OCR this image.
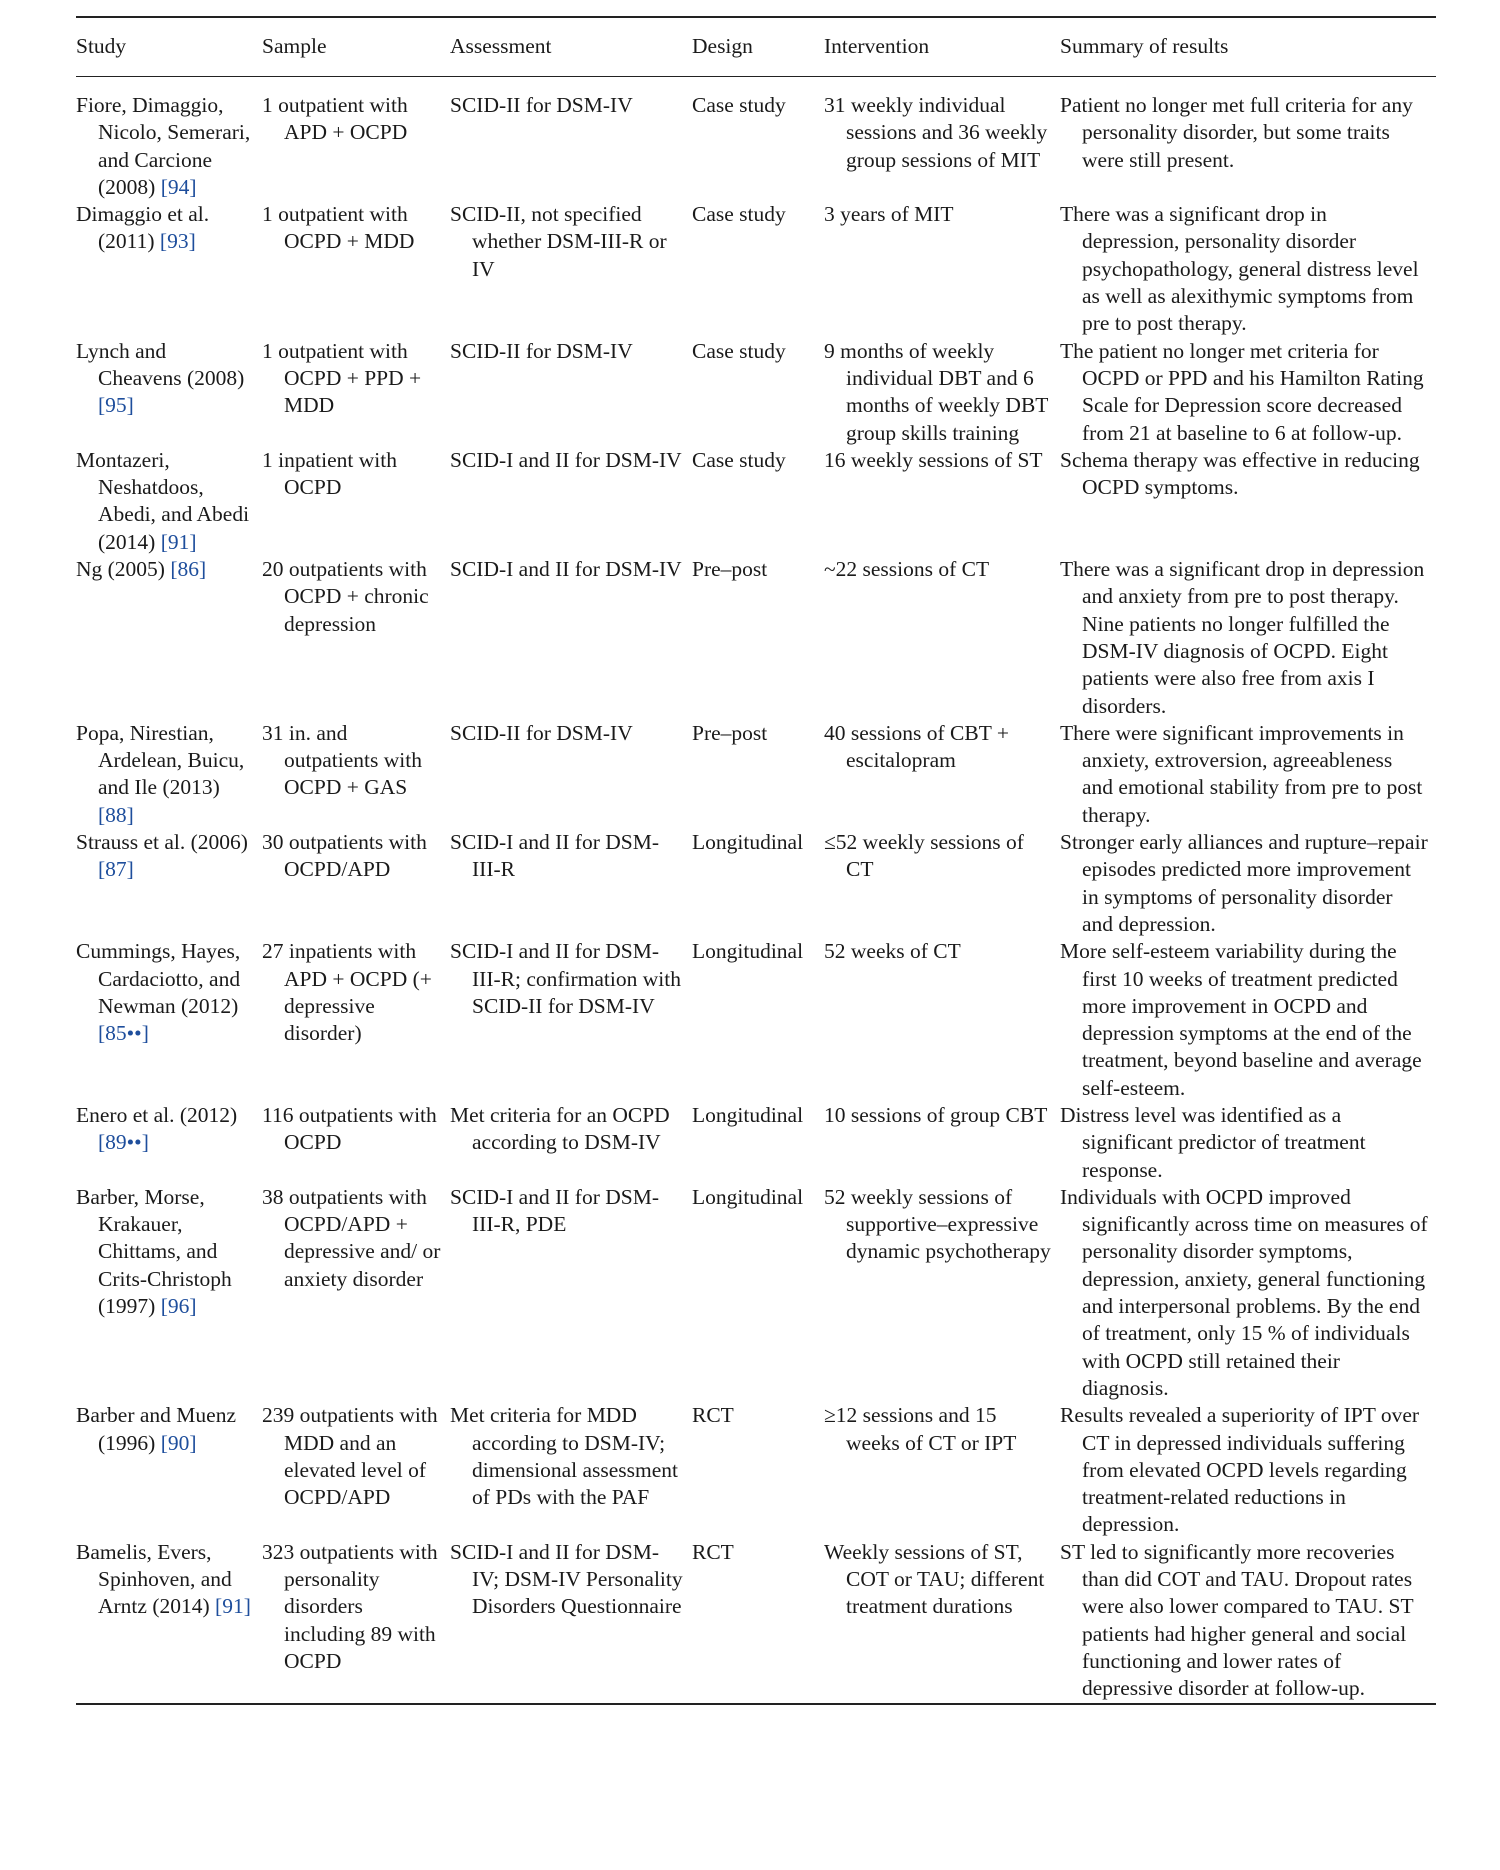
Study	Sample	Assessment	Design	Intervention	Summary of results

Fiore, Dimaggio, Nicolo, Semerari, and Carcione (2008) [94]	1 outpatient with APD + OCPD	SCID-II for DSM-IV	Case study	31 weekly individual sessions and 36 weekly group sessions of MIT	Patient no longer met full criteria for any personality disorder, but some traits were still present.

Dimaggio et al. (2011) [93]	1 outpatient with OCPD + MDD	SCID-II, not specified whether DSM-III-R or IV	Case study	3 years of MIT	There was a significant drop in depression, personality disorder psychopathology, general distress level as well as alexithymic symptoms from pre to post therapy.

Lynch and Cheavens (2008) [95]	1 outpatient with OCPD + PPD + MDD	SCID-II for DSM-IV	Case study	9 months of weekly individual DBT and 6 months of weekly DBT group skills training	The patient no longer met criteria for OCPD or PPD and his Hamilton Rating Scale for Depression score decreased from 21 at baseline to 6 at follow-up.

Montazeri, Neshatdoos, Abedi, and Abedi (2014) [91]	1 inpatient with OCPD	SCID-I and II for DSM-IV	Case study	16 weekly sessions of ST	Schema therapy was effective in reducing OCPD symptoms.

Ng (2005) [86]	20 outpatients with OCPD + chronic depression	SCID-I and II for DSM-IV	Pre–post	~22 sessions of CT	There was a significant drop in depression and anxiety from pre to post therapy. Nine patients no longer fulfilled the DSM-IV diagnosis of OCPD. Eight patients were also free from axis I disorders.

Popa, Nirestian, Ardelean, Buicu, and Ile (2013) [88]	31 in. and outpatients with OCPD + GAS	SCID-II for DSM-IV	Pre–post	40 sessions of CBT + escitalopram	There were significant improvements in anxiety, extroversion, agreeableness and emotional stability from pre to post therapy.

Strauss et al. (2006) [87]	30 outpatients with OCPD/APD	SCID-I and II for DSM-III-R	Longitudinal	≤52 weekly sessions of CT	Stronger early alliances and rupture–repair episodes predicted more improvement in symptoms of personality disorder and depression.

Cummings, Hayes, Cardaciotto, and Newman (2012) [85••]	27 inpatients with APD + OCPD (+ depressive disorder)	SCID-I and II for DSM-III-R; confirmation with SCID-II for DSM-IV	Longitudinal	52 weeks of CT	More self-esteem variability during the first 10 weeks of treatment predicted more improvement in OCPD and depression symptoms at the end of the treatment, beyond baseline and average self-esteem.

Enero et al. (2012) [89••]	116 outpatients with OCPD	Met criteria for an OCPD according to DSM-IV	Longitudinal	10 sessions of group CBT	Distress level was identified as a significant predictor of treatment response.

Barber, Morse, Krakauer, Chittams, and Crits-Christoph (1997) [96]	38 outpatients with OCPD/APD + depressive and/ or anxiety disorder	SCID-I and II for DSM-III-R, PDE	Longitudinal	52 weekly sessions of supportive–expressive dynamic psychotherapy	Individuals with OCPD improved significantly across time on measures of personality disorder symptoms, depression, anxiety, general functioning and interpersonal problems. By the end of treatment, only 15 % of individuals with OCPD still retained their diagnosis.

Barber and Muenz (1996) [90]	239 outpatients with MDD and an elevated level of OCPD/APD	Met criteria for MDD according to DSM-IV; dimensional assessment of PDs with the PAF	RCT	≥12 sessions and 15 weeks of CT or IPT	Results revealed a superiority of IPT over CT in depressed individuals suffering from elevated OCPD levels regarding treatment-related reductions in depression.

Bamelis, Evers, Spinhoven, and Arntz (2014) [91]	323 outpatients with personality disorders including 89 with OCPD	SCID-I and II for DSM-IV; DSM-IV Personality Disorders Questionnaire	RCT	Weekly sessions of ST, COT or TAU; different treatment durations	ST led to significantly more recoveries than did COT and TAU. Dropout rates were also lower compared to TAU. ST patients had higher general and social functioning and lower rates of depressive disorder at follow-up.
